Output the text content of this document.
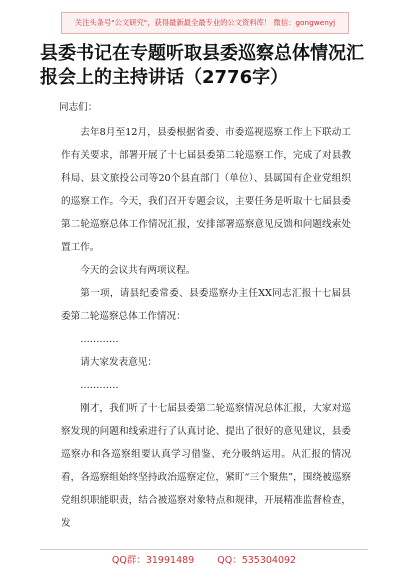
关注头条号"公文研究"，获得最新最全最专业的公文资料库！ 微信：gongwenyj
县委书记在专题听取县委巡察总体情况汇报会上的主持讲话（2776字）

同志们：

去年8月至12月，县委根据省委、市委巡视巡察工作上下联动工作有关要求，部署开展了十七届县委第二轮巡察工作，完成了对县教科局、县文旅投公司等20个县直部门（单位）、县属国有企业党组织的巡察工作。今天，我们召开专题会议，主要任务是听取十七届县委第二轮巡察总体工作情况汇报，安排部署巡察意见反馈和问题线索处置工作。

今天的会议共有两项议程。

第一项，请县纪委常委、县委巡察办主任XX同志汇报十七届县委第二轮巡察总体工作情况：

…………

请大家发表意见：

…………

刚才，我们听了十七届县委第二轮巡察情况总体汇报，大家对巡察发现的问题和线索进行了认真讨论、提出了很好的意见建议，县委巡察办和各巡察组要认真学习借鉴、充分吸纳运用。从汇报的情况看，各巡察组始终坚持政治巡察定位，紧盯“三个聚焦”，围绕被巡察党组织职能职责，结合被巡察对象特点和规律，开展精准监督检查，发

QQ群：31991489 QQ：535304092
